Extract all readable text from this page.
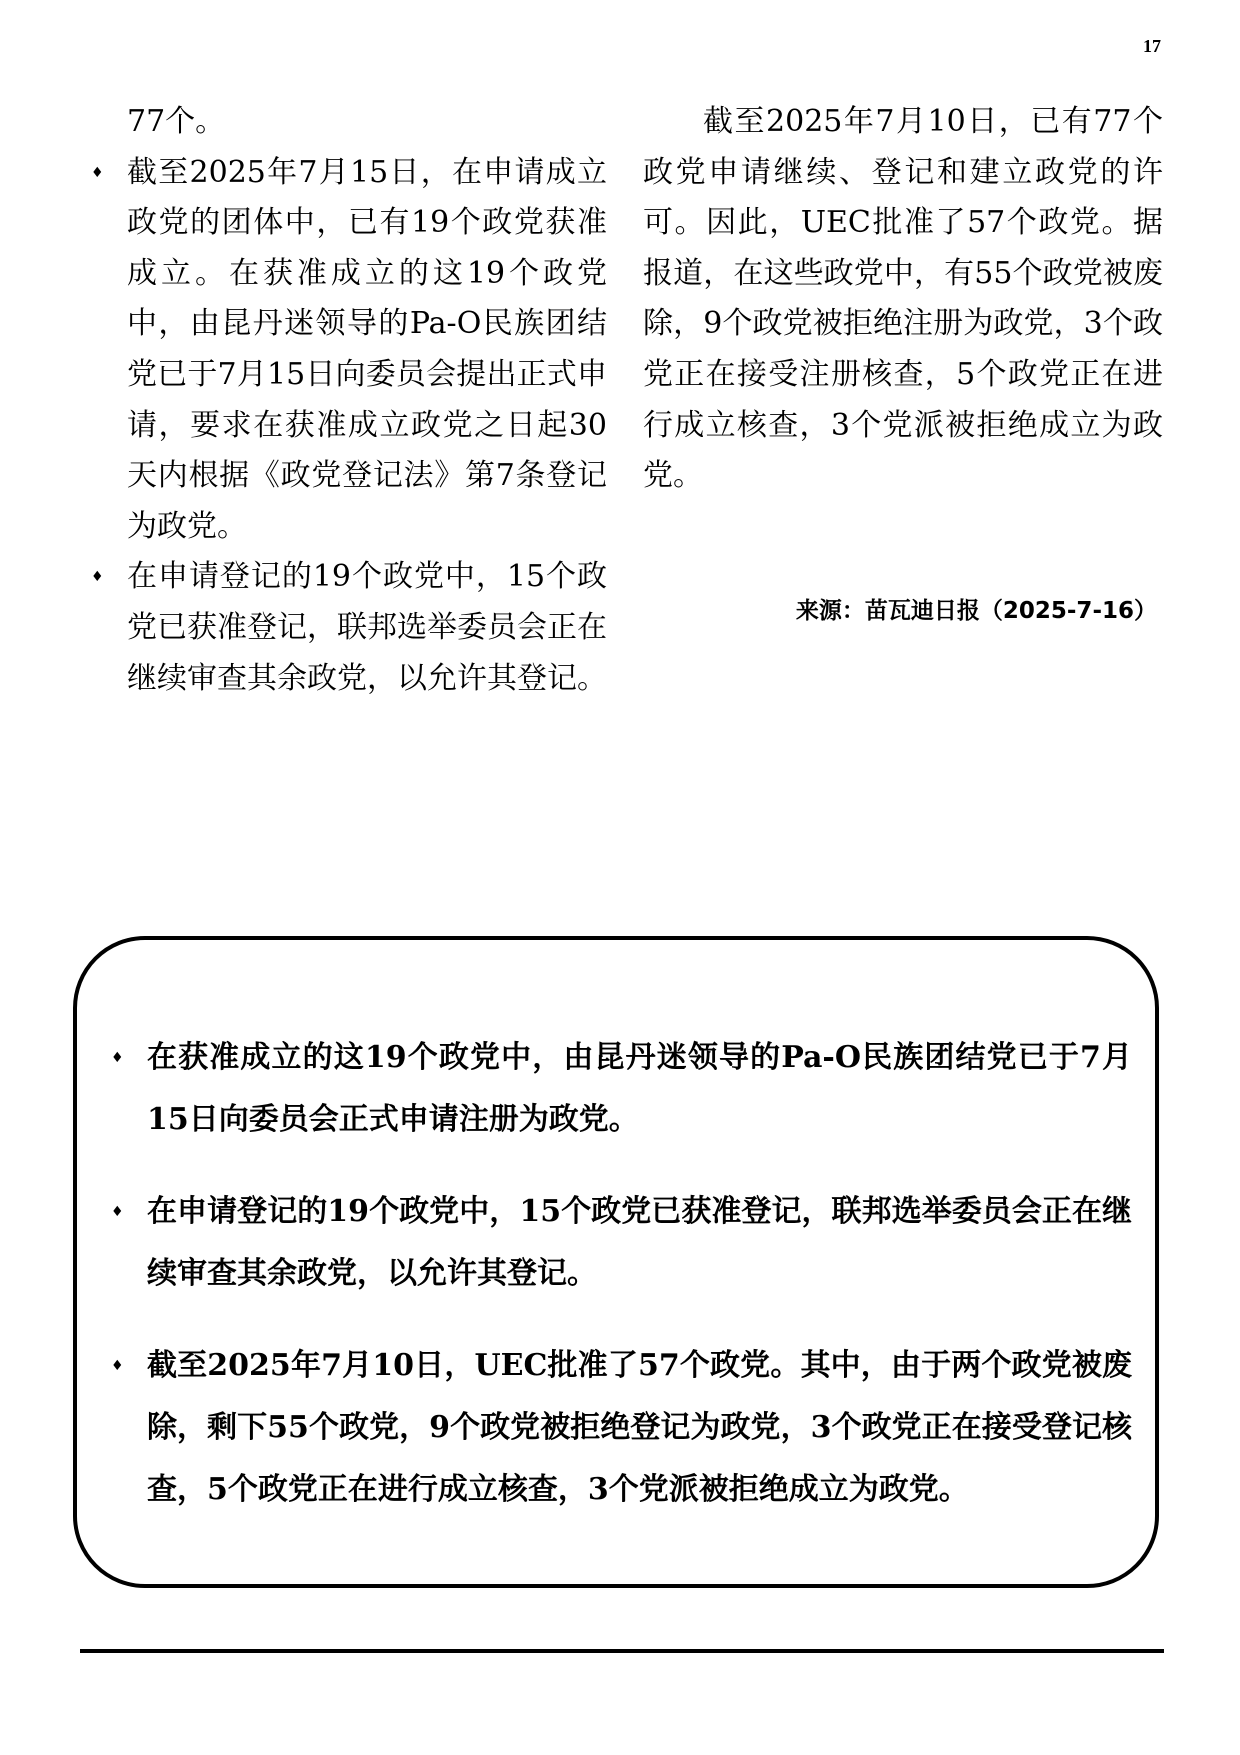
17

77个。

♦ 截至2025年7月15日，在申请成立政党的团体中，已有19个政党获准成立。在获准成立的这19个政党中，由昆丹迷领导的Pa-O民族团结党已于7月15日向委员会提出正式申请，要求在获准成立政党之日起30天内根据《政党登记法》第7条登记为政党。

♦ 在申请登记的19个政党中，15个政党已获准登记，联邦选举委员会正在继续审查其余政党，以允许其登记。

截至2025年7月10日，已有77个政党申请继续、登记和建立政党的许可。因此，UEC批准了57个政党。据报道，在这些政党中，有55个政党被废除，9个政党被拒绝注册为政党，3个政党正在接受注册核查，5个政党正在进行成立核查，3个党派被拒绝成立为政党。

来源：苗瓦迪日报（2025-7-16）
♦ 在获准成立的这19个政党中，由昆丹迷领导的Pa-O民族团结党已于7月15日向委员会正式申请注册为政党。

♦ 在申请登记的19个政党中，15个政党已获准登记，联邦选举委员会正在继续审查其余政党，以允许其登记。

♦ 截至2025年7月10日，UEC批准了57个政党。其中，由于两个政党被废除，剩下55个政党，9个政党被拒绝登记为政党，3个政党正在接受登记核查，5个政党正在进行成立核查，3个党派被拒绝成立为政党。
